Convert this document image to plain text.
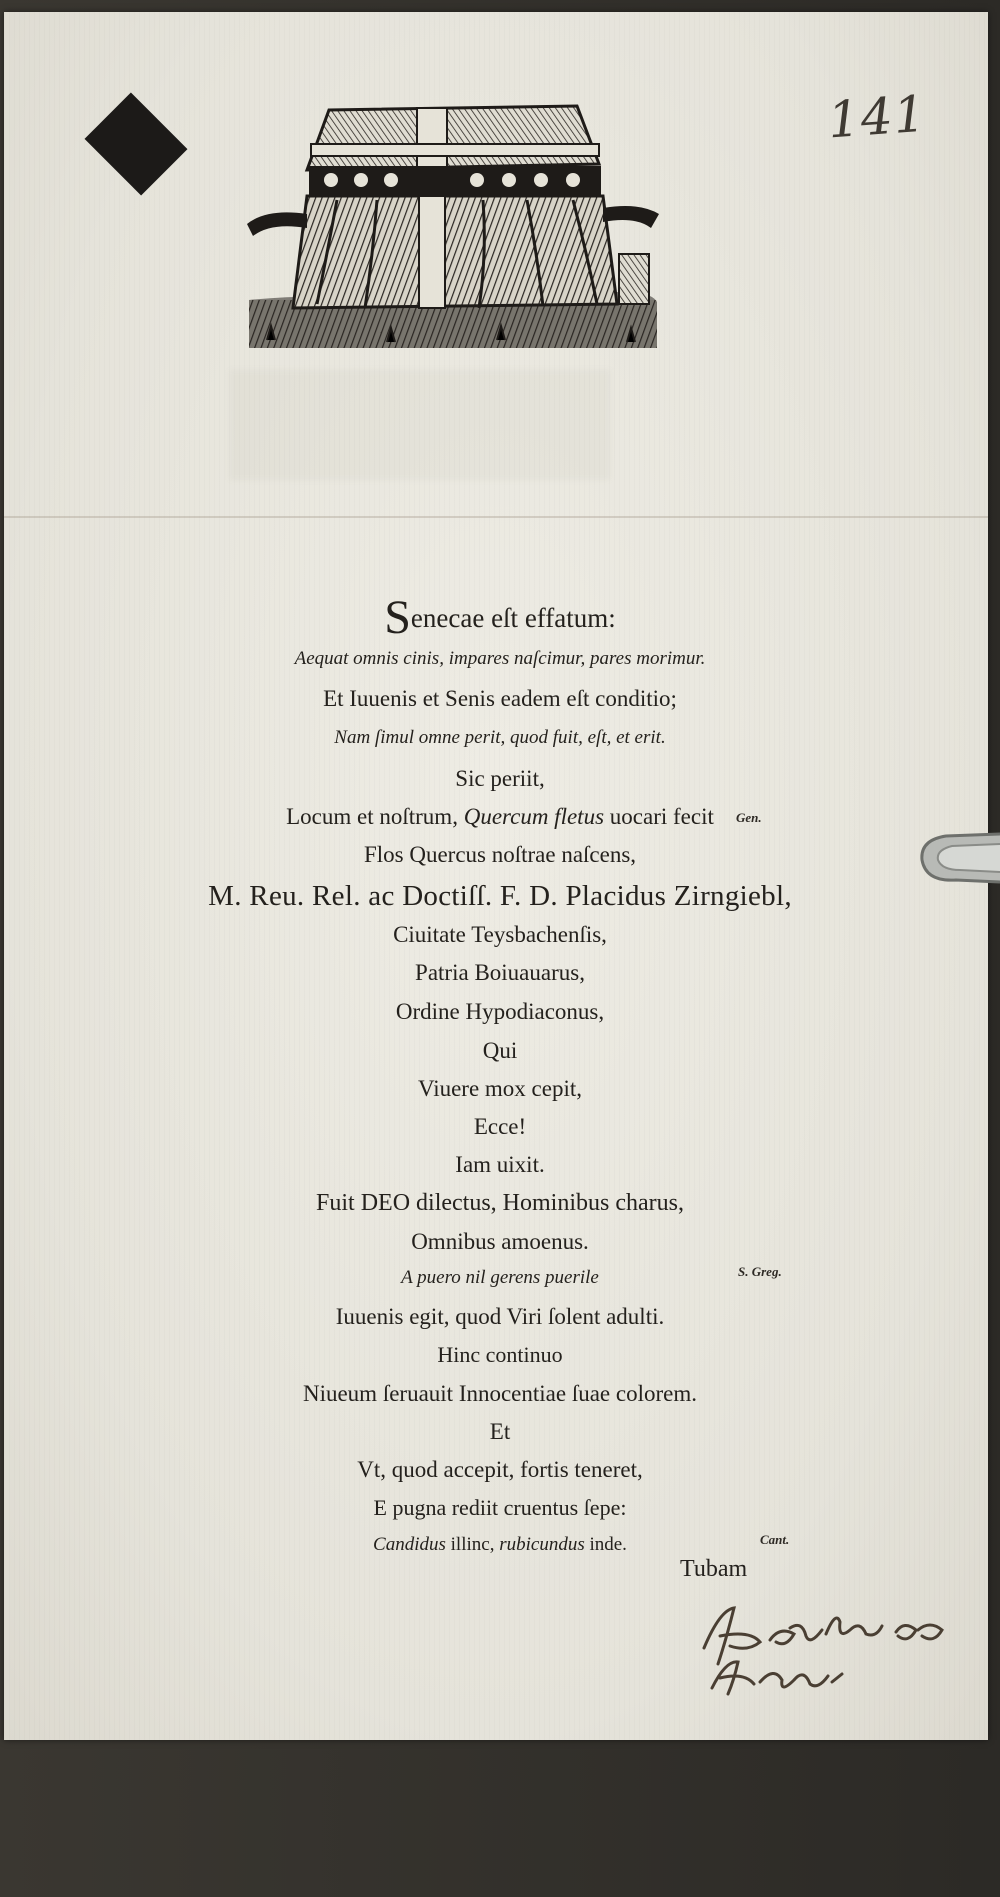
141
Senecae eſt effatum:
Aequat omnis cinis, impares naſcimur, pares morimur.
Et Iuuenis et Senis eadem eſt conditio;
Nam ſimul omne perit, quod fuit, eſt, et erit.
Sic periit,
Locum et noſtrum, Quercum fletus uocari fecit
Flos Quercus noſtrae naſcens,
M. Reu. Rel. ac Doctiſſ. F. D. Placidus Zirngiebl,
Ciuitate Teysbachenſis,
Patria Boiuauarus,
Ordine Hypodiaconus,
Qui
Viuere mox cepit,
Ecce!
Iam uixit.
Fuit DEO dilectus, Hominibus charus,
Omnibus amoenus.
A puero nil gerens puerile
Iuuenis egit, quod Viri ſolent adulti.
Hinc continuo
Niueum ſeruauit Innocentiae ſuae colorem.
Et
Vt, quod accepit, fortis teneret,
E pugna rediit cruentus ſepe:
Candidus illinc, rubicundus inde.
Gen.
S. Greg.
Cant.
Tubam
